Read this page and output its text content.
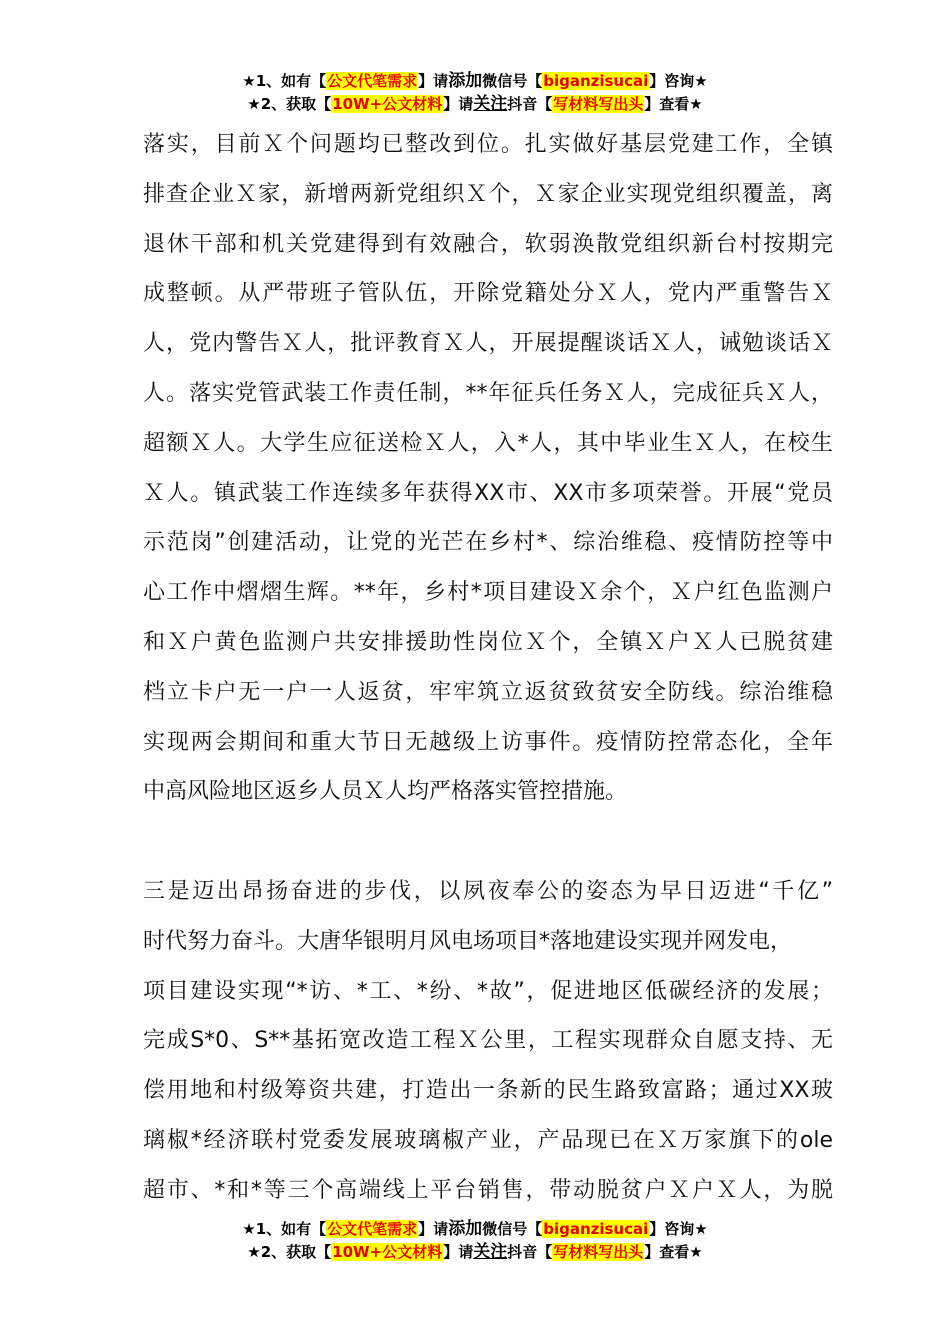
★1、如有【公文代笔需求】请添加微信号【biganzisucai】咨询★
★2、获取【10W+公文材料】请关注抖音【写材料写出头】查看★
落实，目前Ｘ个问题均已整改到位。扎实做好基层党建工作，全镇
排查企业Ｘ家，新增两新党组织Ｘ个，Ｘ家企业实现党组织覆盖，离
退休干部和机关党建得到有效融合，软弱涣散党组织新台村按期完
成整顿。从严带班子管队伍，开除党籍处分Ｘ人，党内严重警告Ｘ
人，党内警告Ｘ人，批评教育Ｘ人，开展提醒谈话Ｘ人，诫勉谈话Ｘ
人。落实党管武装工作责任制，**年征兵任务Ｘ人，完成征兵Ｘ人，
超额Ｘ人。大学生应征送检Ｘ人，入*人，其中毕业生Ｘ人，在校生
Ｘ人。镇武装工作连续多年获得XX市、XX市多项荣誉。开展“党员
示范岗”创建活动，让党的光芒在乡村*、综治维稳、疫情防控等中
心工作中熠熠生辉。**年，乡村*项目建设Ｘ余个，Ｘ户红色监测户
和Ｘ户黄色监测户共安排援助性岗位Ｘ个，全镇Ｘ户Ｘ人已脱贫建
档立卡户无一户一人返贫，牢牢筑立返贫致贫安全防线。综治维稳
实现两会期间和重大节日无越级上访事件。疫情防控常态化，全年
中高风险地区返乡人员Ｘ人均严格落实管控措施。
三是迈出昂扬奋进的步伐，以夙夜奉公的姿态为早日迈进“千亿”
时代努力奋斗。大唐华银明月风电场项目*落地建设实现并网发电，
项目建设实现“*访、*工、*纷、*故”，促进地区低碳经济的发展；
完成S*0、S**基拓宽改造工程Ｘ公里，工程实现群众自愿支持、无
偿用地和村级筹资共建，打造出一条新的民生路致富路；通过XX玻
璃椒*经济联村党委发展玻璃椒产业，产品现已在Ｘ万家旗下的ole
超市、*和*等三个高端线上平台销售，带动脱贫户Ｘ户Ｘ人，为脱
★1、如有【公文代笔需求】请添加微信号【biganzisucai】咨询★
★2、获取【10W+公文材料】请关注抖音【写材料写出头】查看★
